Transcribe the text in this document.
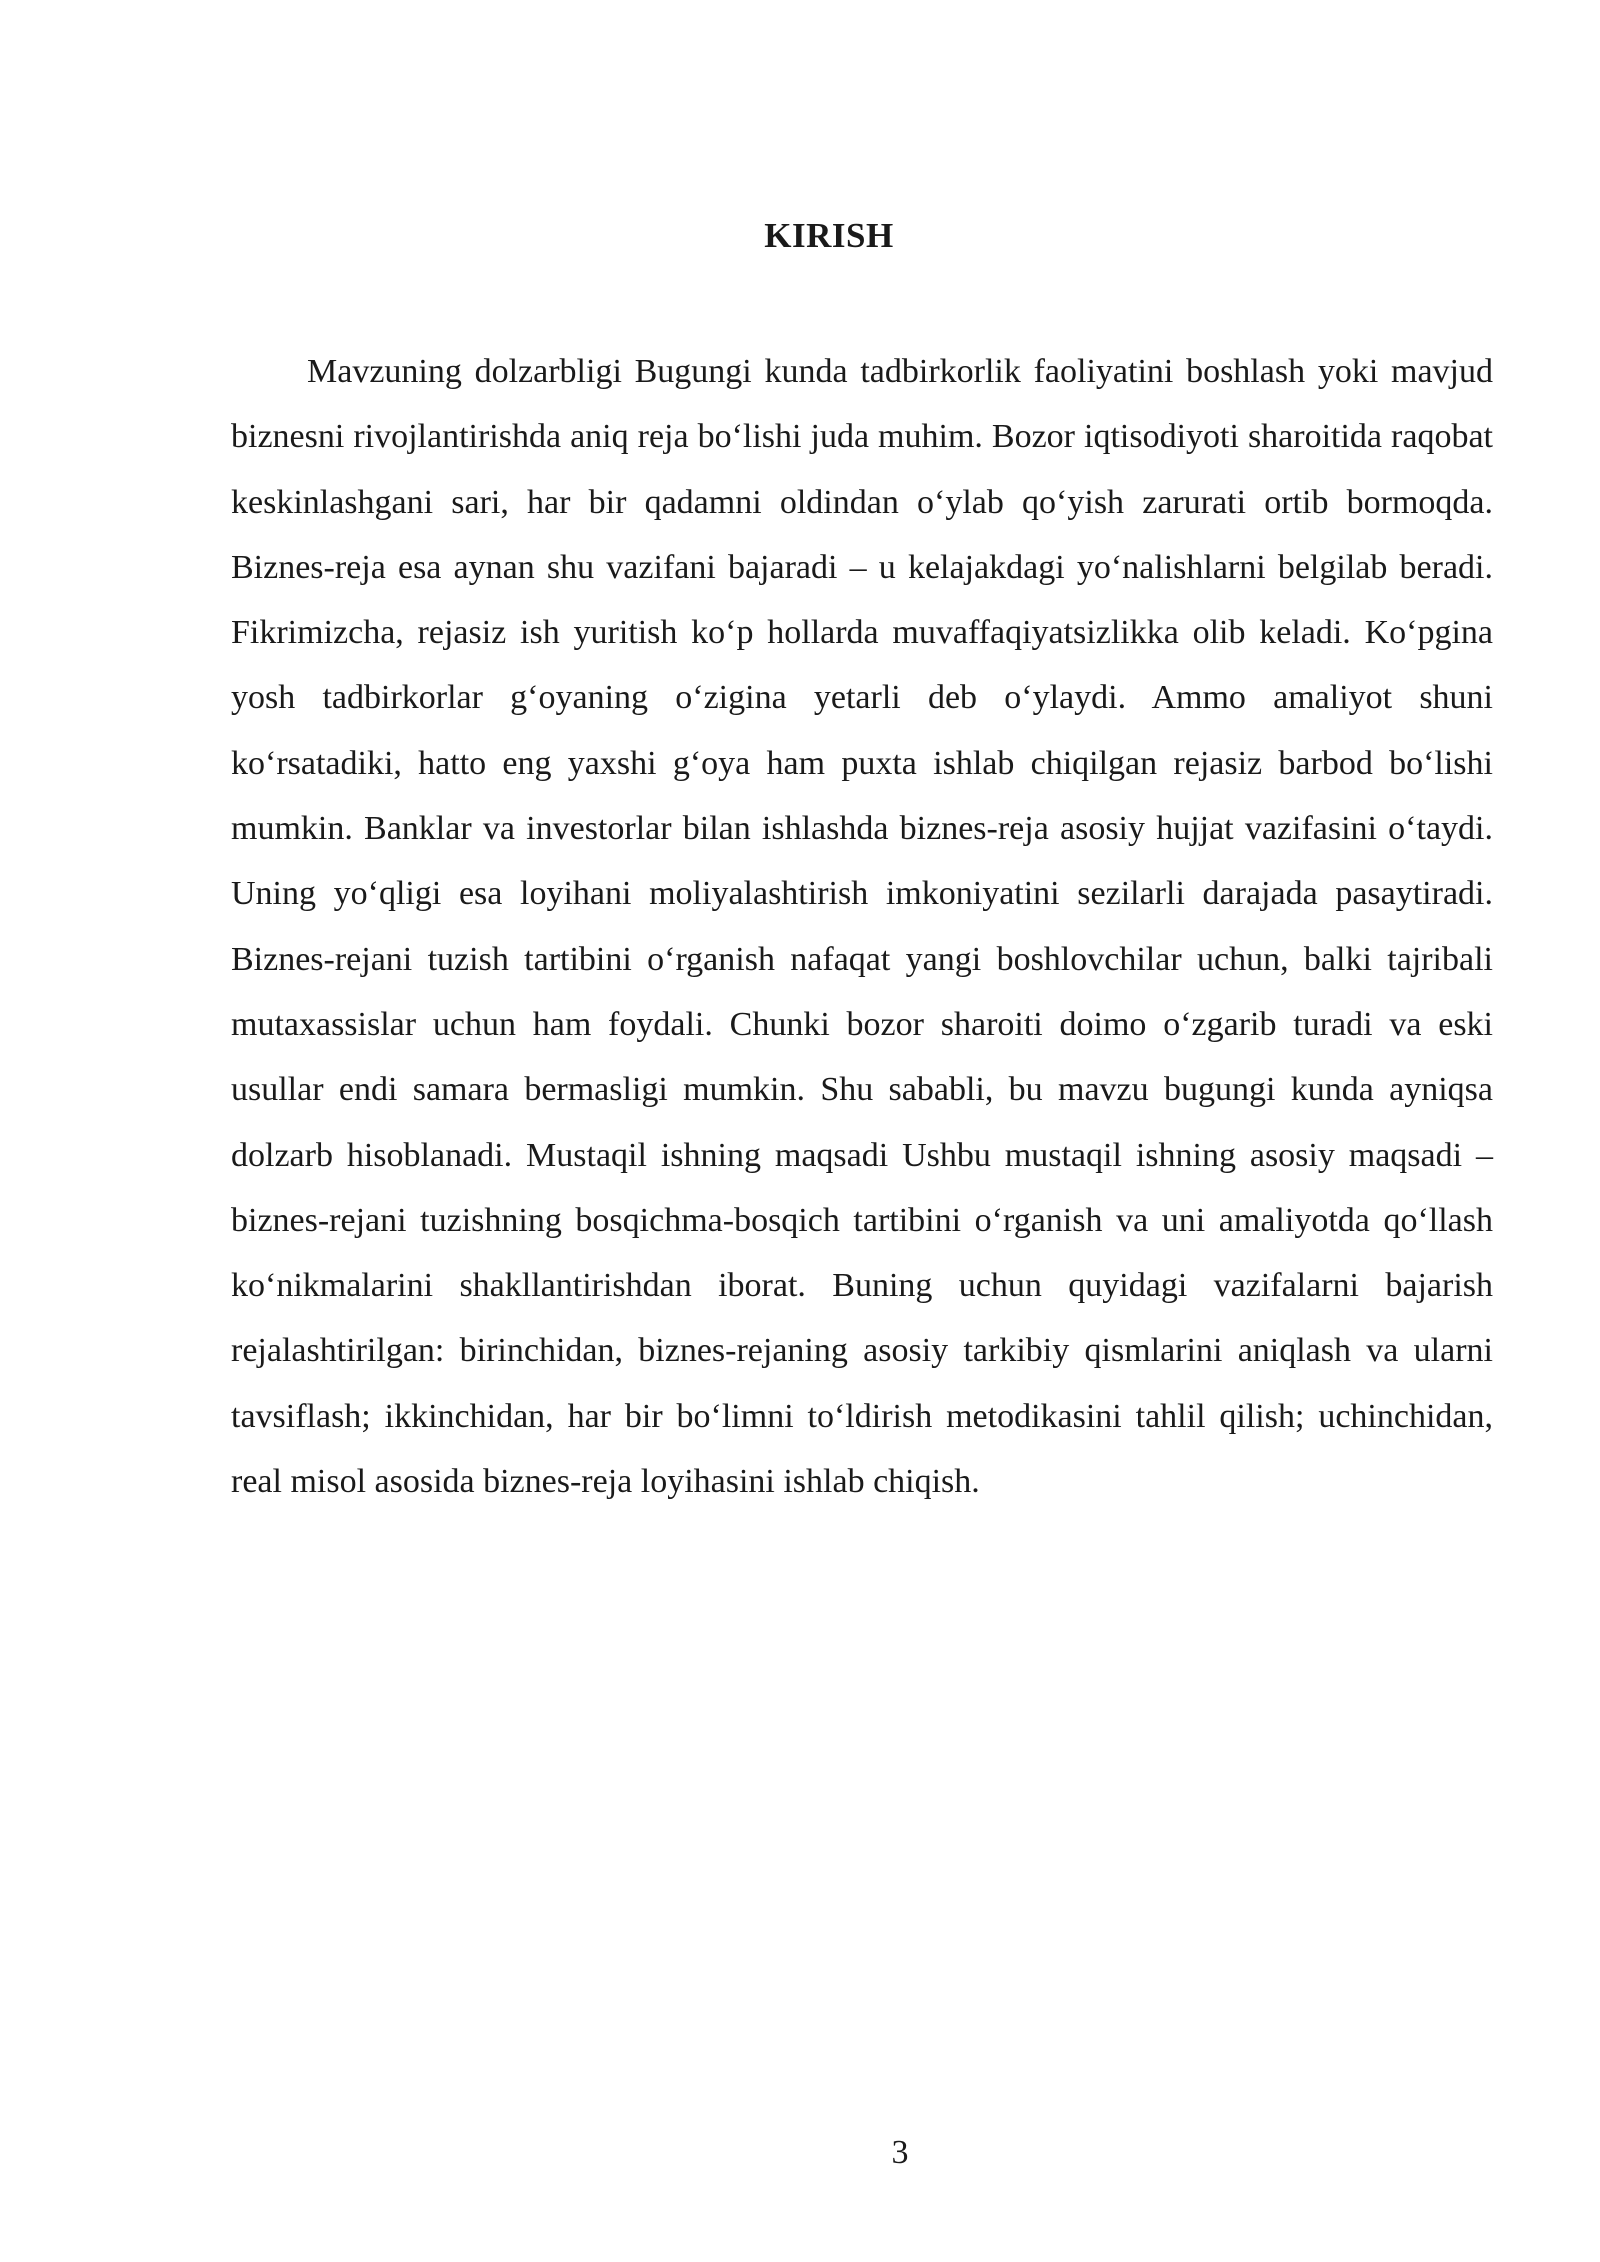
KIRISH

Mavzuning dolzarbligi Bugungi kunda tadbirkorlik faoliyatini boshlash yoki mavjud biznesni rivojlantirishda aniq reja bo‘lishi juda muhim. Bozor iqtisodiyoti sharoitida raqobat keskinlashgani sari, har bir qadamni oldindan o‘ylab qo‘yish zarurati ortib bormoqda. Biznes-reja esa aynan shu vazifani bajaradi – u kelajakdagi yo‘nalishlarni belgilab beradi. Fikrimizcha, rejasiz ish yuritish ko‘p hollarda muvaffaqiyatsizlikka olib keladi. Ko‘pgina yosh tadbirkorlar g‘oyaning o‘zigina yetarli deb o‘ylaydi. Ammo amaliyot shuni ko‘rsatadiki, hatto eng yaxshi g‘oya ham puxta ishlab chiqilgan rejasiz barbod bo‘lishi mumkin. Banklar va investorlar bilan ishlashda biznes-reja asosiy hujjat vazifasini o‘taydi. Uning yo‘qligi esa loyihani moliyalashtirish imkoniyatini sezilarli darajada pasaytiradi. Biznes-rejani tuzish tartibini o‘rganish nafaqat yangi boshlovchilar uchun, balki tajribali mutaxassislar uchun ham foydali. Chunki bozor sharoiti doimo o‘zgarib turadi va eski usullar endi samara bermasligi mumkin. Shu sababli, bu mavzu bugungi kunda ayniqsa dolzarb hisoblanadi. Mustaqil ishning maqsadi Ushbu mustaqil ishning asosiy maqsadi – biznes-rejani tuzishning bosqichma-bosqich tartibini o‘rganish va uni amaliyotda qo‘llash ko‘nikmalarini shakllantirishdan iborat. Buning uchun quyidagi vazifalarni bajarish rejalashtirilgan: birinchidan, biznes-rejaning asosiy tarkibiy qismlarini aniqlash va ularni tavsiflash; ikkinchidan, har bir bo‘limni to‘ldirish metodikasini tahlil qilish; uchinchidan, real misol asosida biznes-reja loyihasini ishlab chiqish.

3
